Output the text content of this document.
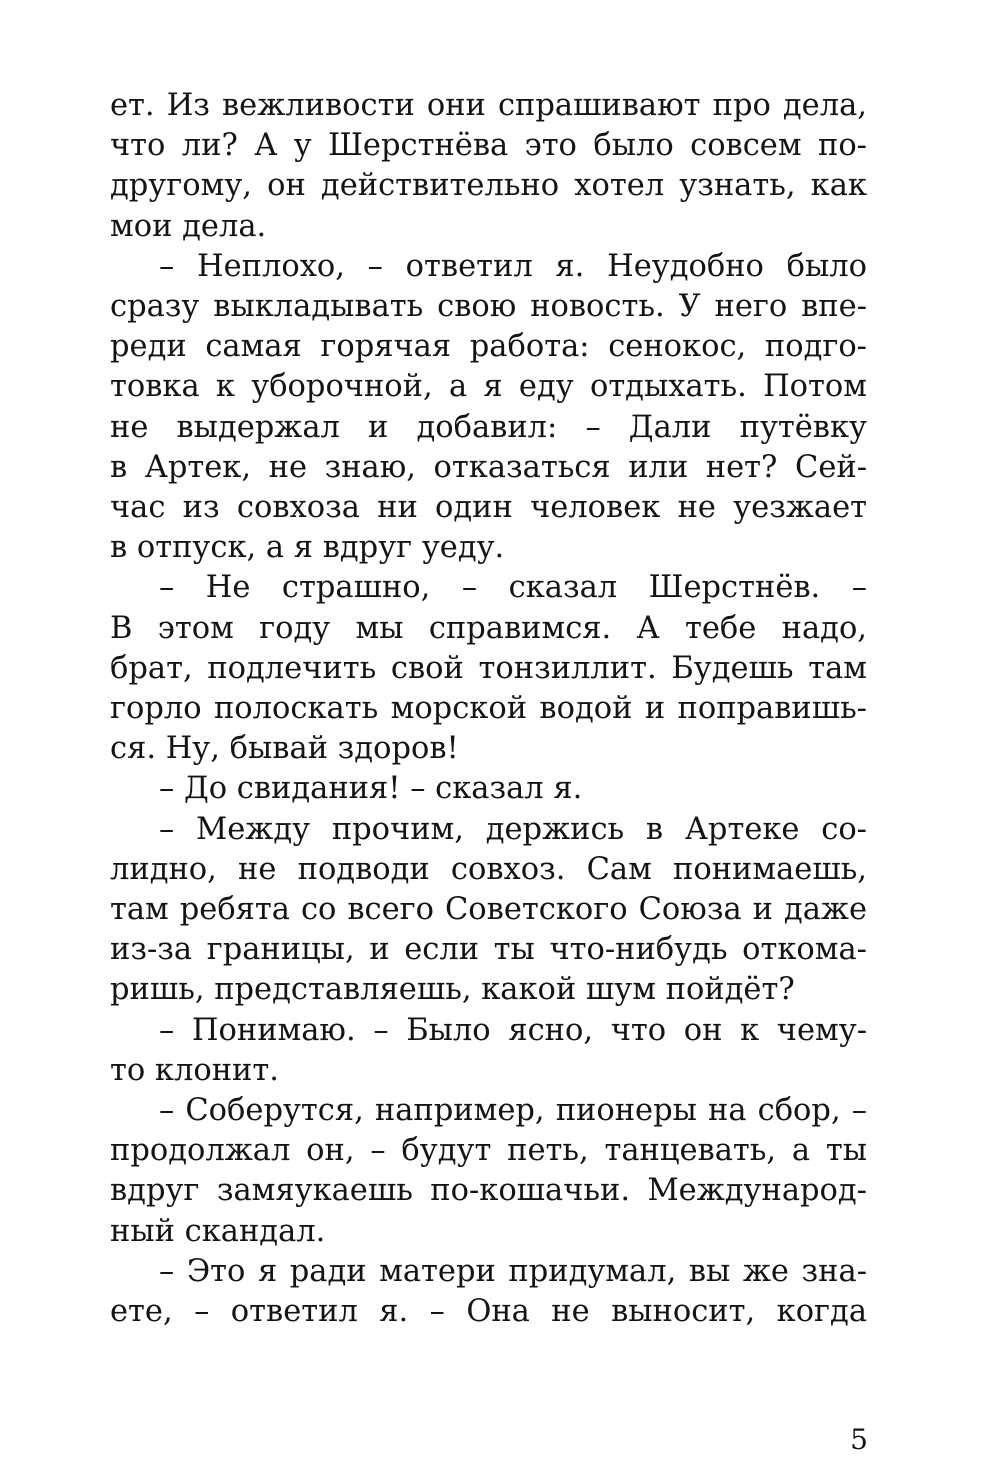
ет. Из вежливости они спрашивают про дела,
что ли? А у Шерстнёва это было совсем по-
другому, он действительно хотел узнать, как
мои дела.
– Неплохо, – ответил я. Неудобно было
сразу выкладывать свою новость. У него впе-
реди самая горячая работа: сенокос, подго-
товка к уборочной, а я еду отдыхать. Потом
не выдержал и добавил: – Дали путёвку
в Артек, не знаю, отказаться или нет? Сей-
час из совхоза ни один человек не уезжает
в отпуск, а я вдруг уеду.
– Не страшно, – сказал Шерстнёв. –
В этом году мы справимся. А тебе надо,
брат, подлечить свой тонзиллит. Будешь там
горло полоскать морской водой и поправишь-
ся. Ну, бывай здоров!
– До свидания! – сказал я.
– Между прочим, держись в Артеке со-
лидно, не подводи совхоз. Сам понимаешь,
там ребята со всего Советского Союза и даже
из-за границы, и если ты что-нибудь откома-
ришь, представляешь, какой шум пойдёт?
– Понимаю. – Было ясно, что он к чему-
то клонит.
– Соберутся, например, пионеры на сбор, –
продолжал он, – будут петь, танцевать, а ты
вдруг замяукаешь по-кошачьи. Международ-
ный скандал.
– Это я ради матери придумал, вы же зна-
ете, – ответил я. – Она не выносит, когда
5
